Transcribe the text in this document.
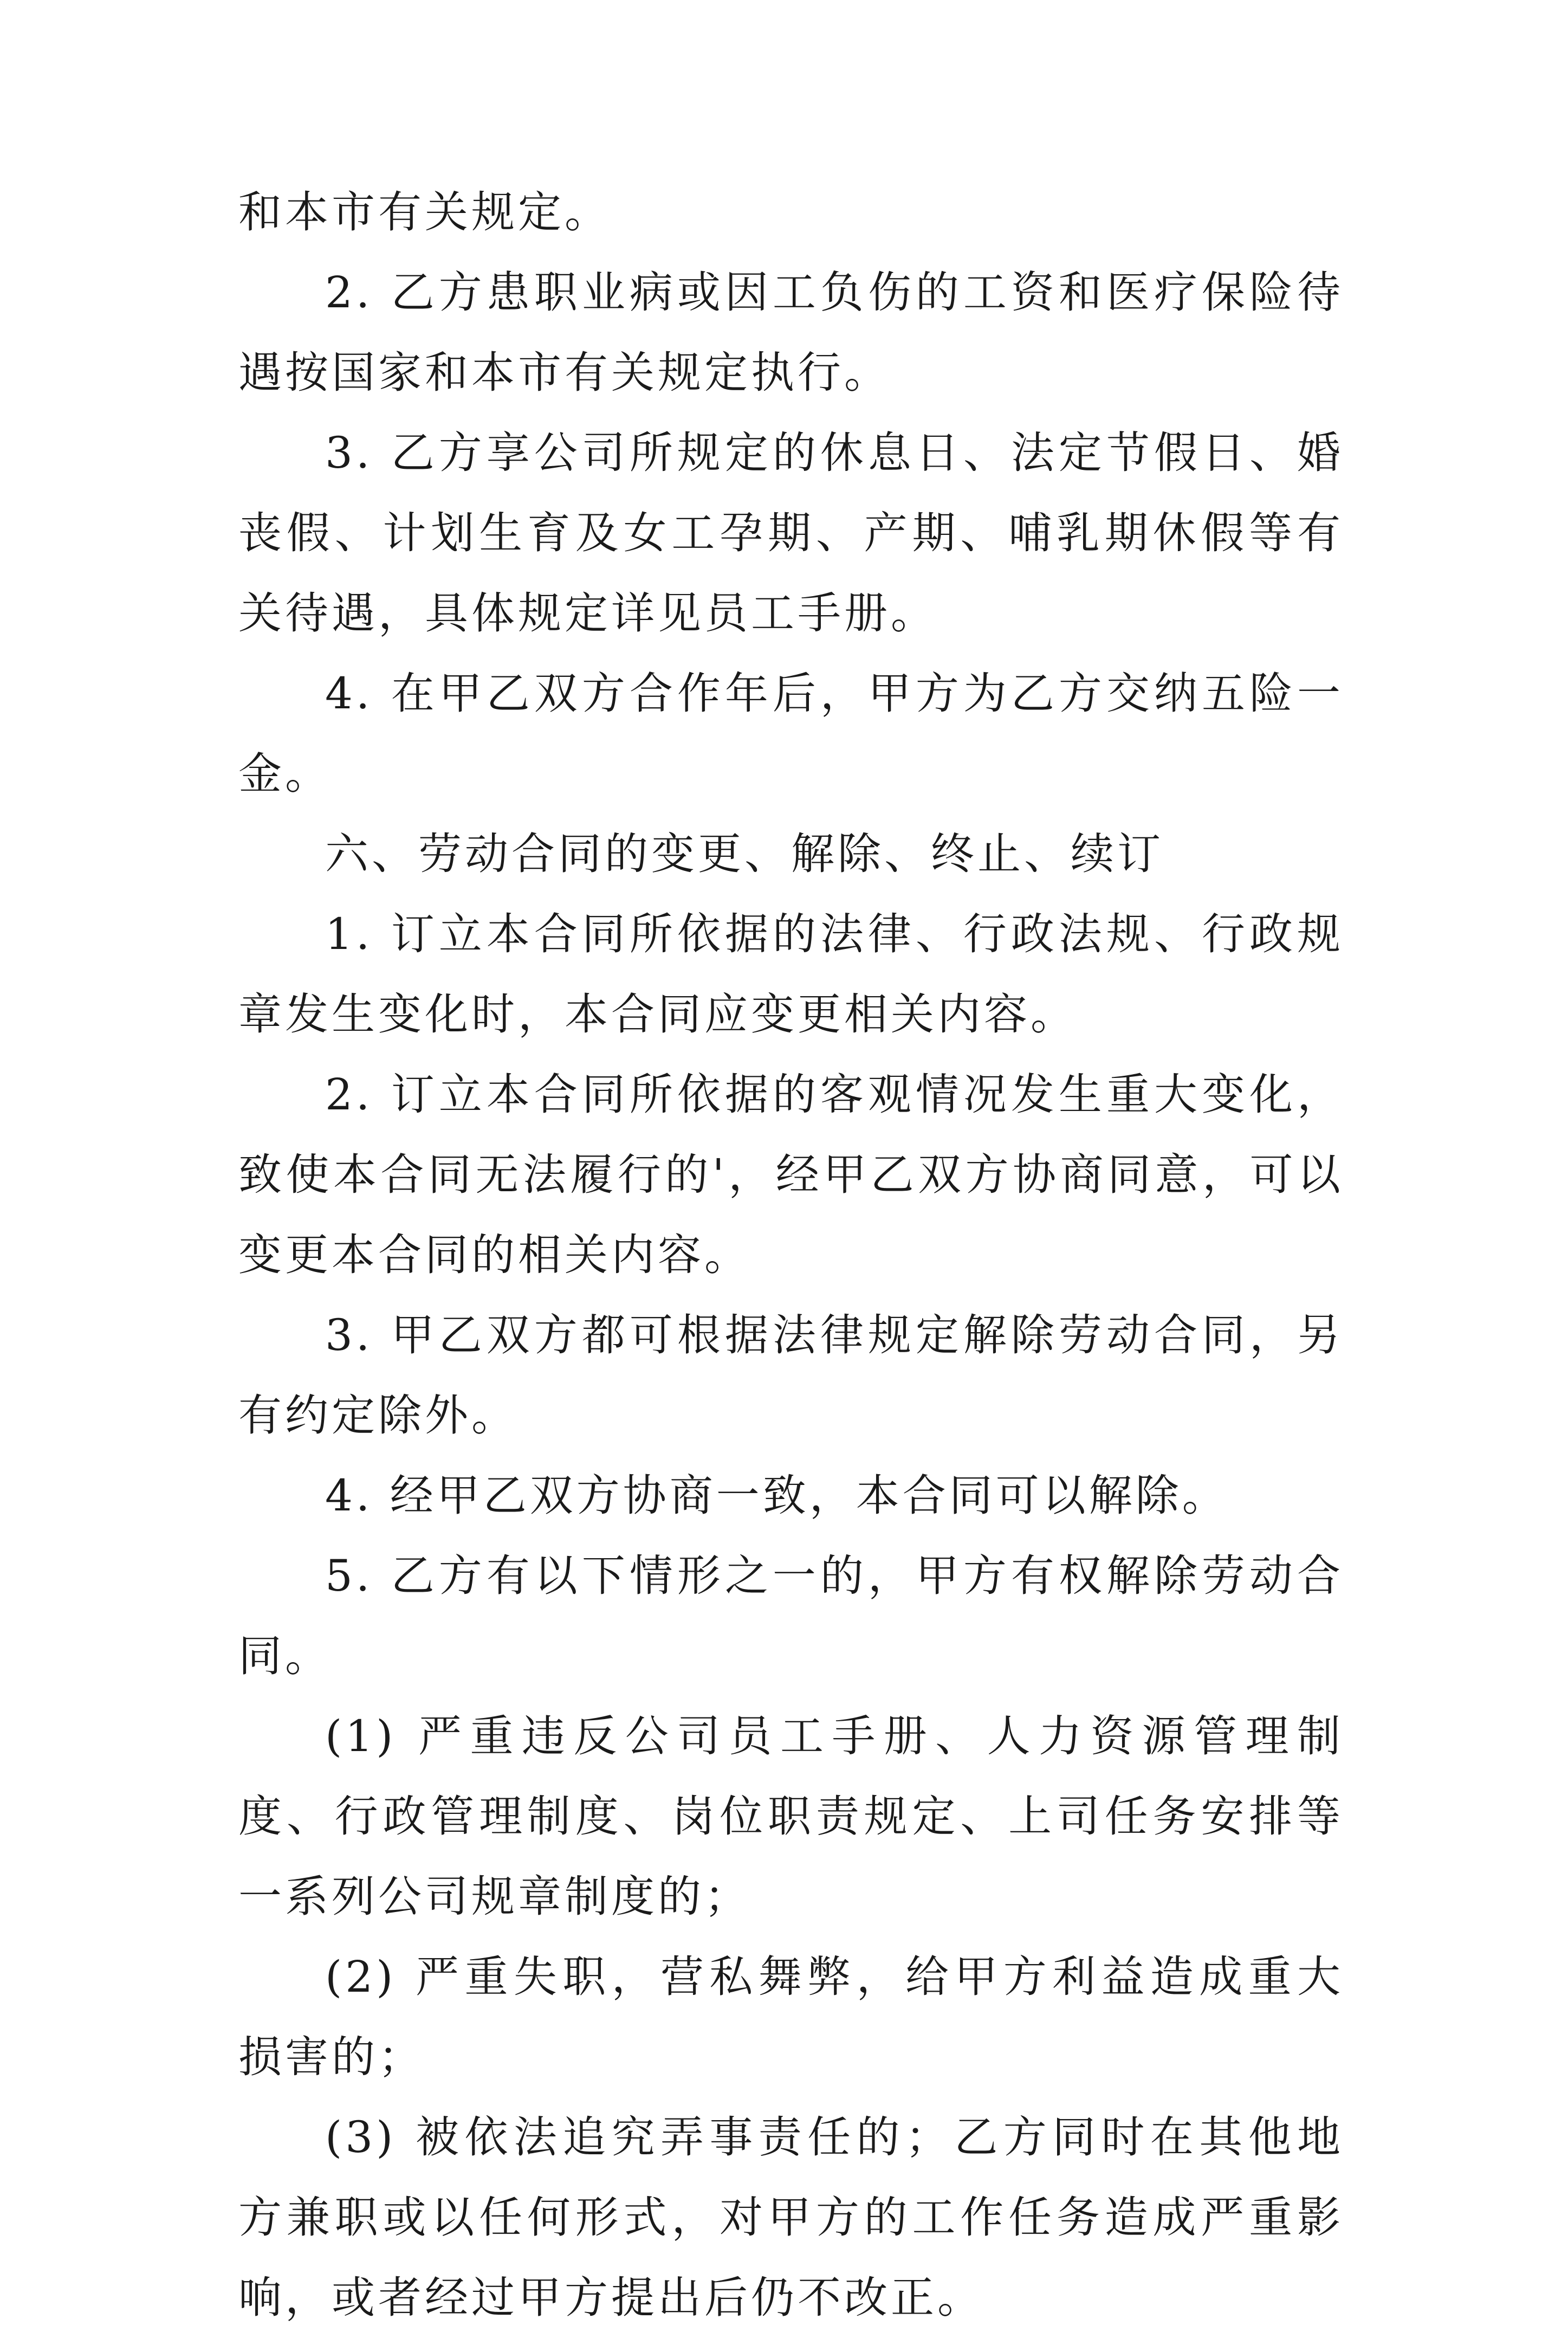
和本市有关规定。

2. 乙方患职业病或因工负伤的工资和医疗保险待遇按国家和本市有关规定执行。

3. 乙方享公司所规定的休息日、法定节假日、婚丧假、计划生育及女工孕期、产期、哺乳期休假等有关待遇，具体规定详见员工手册。

4. 在甲乙双方合作年后，甲方为乙方交纳五险一金。

六、劳动合同的变更、解除、终止、续订

1. 订立本合同所依据的法律、行政法规、行政规章发生变化时，本合同应变更相关内容。

2. 订立本合同所依据的客观情况发生重大变化，致使本合同无法履行的'，经甲乙双方协商同意，可以变更本合同的相关内容。

3. 甲乙双方都可根据法律规定解除劳动合同，另有约定除外。

4. 经甲乙双方协商一致，本合同可以解除。

5. 乙方有以下情形之一的，甲方有权解除劳动合同。

(1) 严重违反公司员工手册、人力资源管理制度、行政管理制度、岗位职责规定、上司任务安排等一系列公司规章制度的；

(2) 严重失职，营私舞弊，给甲方利益造成重大损害的；

(3) 被依法追究弄事责任的；乙方同时在其他地方兼职或以任何形式，对甲方的工作任务造成严重影响，或者经过甲方提出后仍不改正。
